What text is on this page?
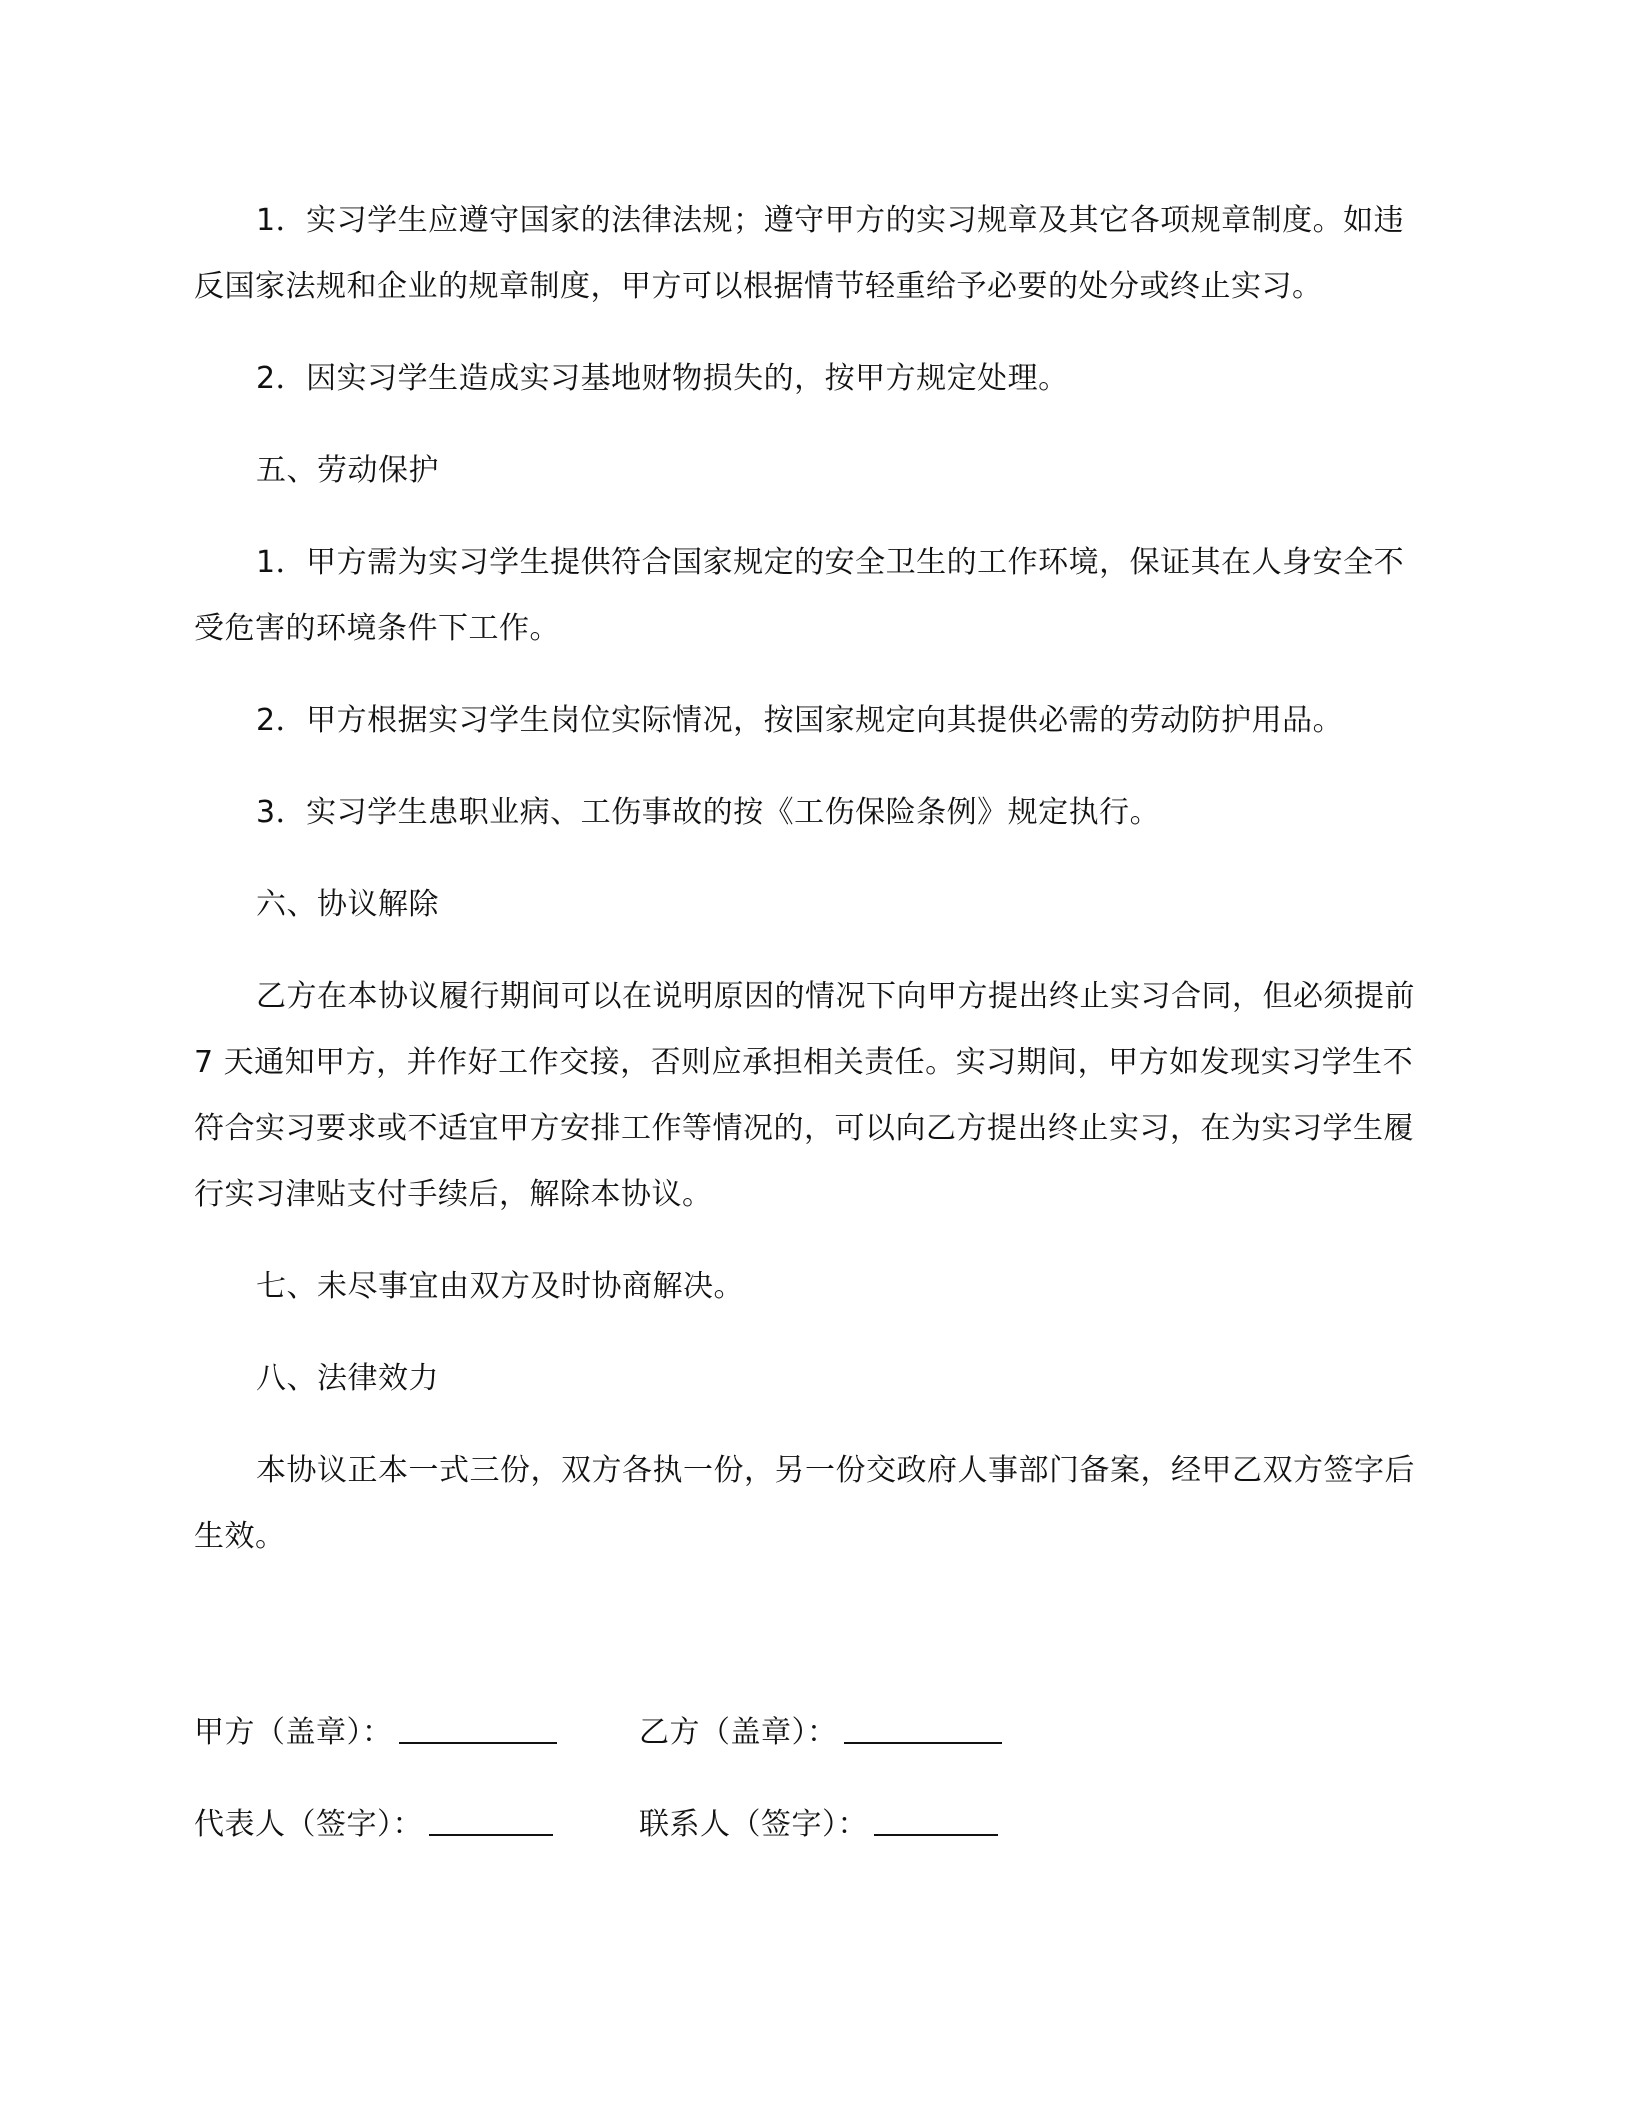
1．实习学生应遵守国家的法律法规；遵守甲方的实习规章及其它各项规章制度。如违反国家法规和企业的规章制度，甲方可以根据情节轻重给予必要的处分或终止实习。

2．因实习学生造成实习基地财物损失的，按甲方规定处理。

五、劳动保护

1．甲方需为实习学生提供符合国家规定的安全卫生的工作环境，保证其在人身安全不受危害的环境条件下工作。

2．甲方根据实习学生岗位实际情况，按国家规定向其提供必需的劳动防护用品。

3．实习学生患职业病、工伤事故的按《工伤保险条例》规定执行。

六、协议解除

乙方在本协议履行期间可以在说明原因的情况下向甲方提出终止实习合同，但必须提前 7 天通知甲方，并作好工作交接，否则应承担相关责任。实习期间，甲方如发现实习学生不符合实习要求或不适宜甲方安排工作等情况的，可以向乙方提出终止实习，在为实习学生履行实习津贴支付手续后，解除本协议。

七、未尽事宜由双方及时协商解决。

八、法律效力

本协议正本一式三份，双方各执一份，另一份交政府人事部门备案，经甲乙双方签字后生效。

甲方（盖章）：	乙方（盖章）：
代表人（签字）：	联系人（签字）：
